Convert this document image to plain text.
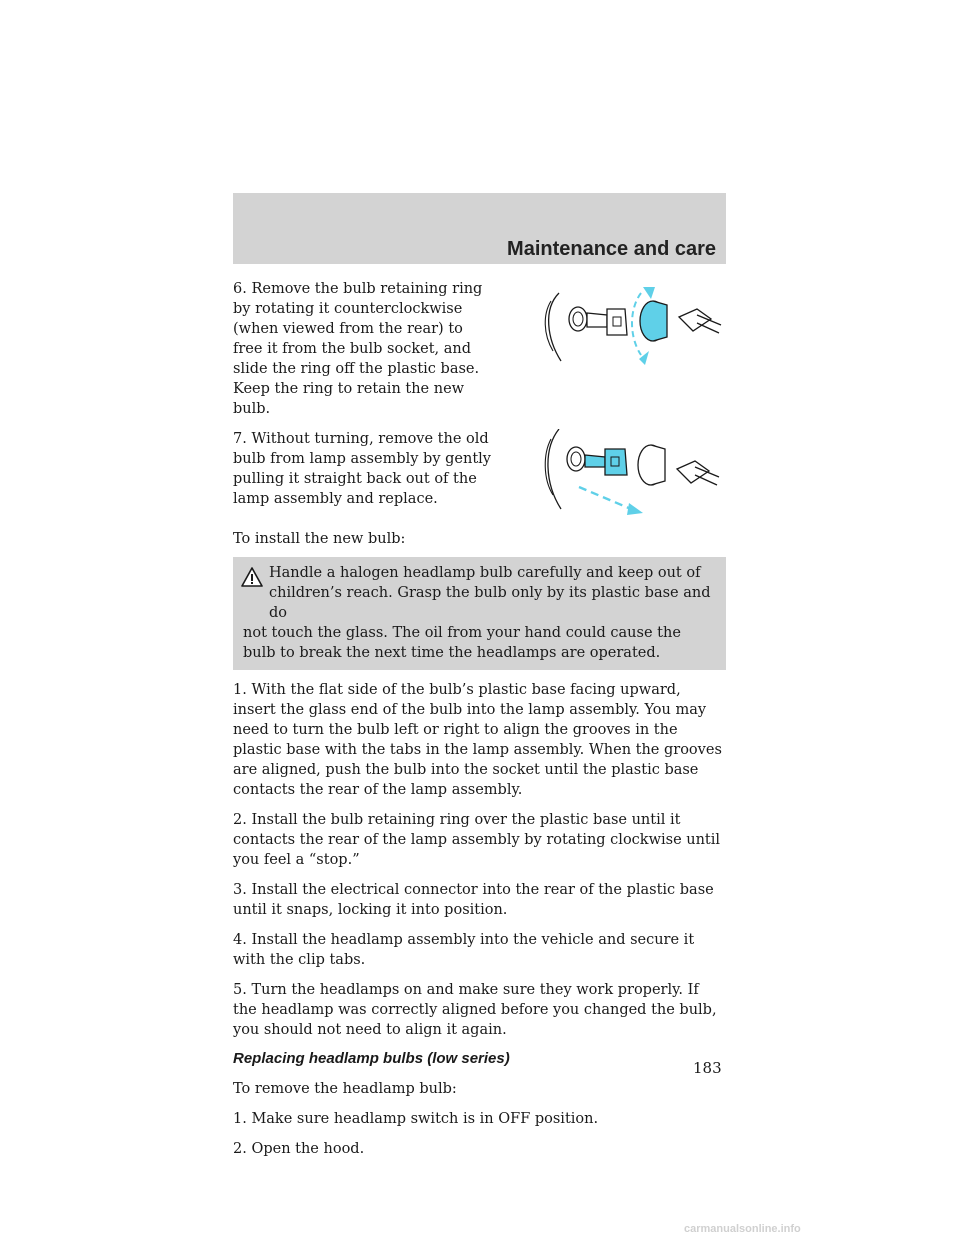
Maintenance and care

6. Remove the bulb retaining ring by rotating it counterclockwise (when viewed from the rear) to free it from the bulb socket, and slide the ring off the plastic base. Keep the ring to retain the new bulb.

7. Without turning, remove the old bulb from lamp assembly by gently pulling it straight back out of the lamp assembly and replace.

To install the new bulb:

Handle a halogen headlamp bulb carefully and keep out of
children’s reach. Grasp the bulb only by its plastic base and do
not touch the glass. The oil from your hand could cause the bulb to break the next time the headlamps are operated.

1. With the flat side of the bulb’s plastic base facing upward, insert the glass end of the bulb into the lamp assembly. You may need to turn the bulb left or right to align the grooves in the plastic base with the tabs in the lamp assembly. When the grooves are aligned, push the bulb into the socket until the plastic base contacts the rear of the lamp assembly.

2. Install the bulb retaining ring over the plastic base until it contacts the rear of the lamp assembly by rotating clockwise until you feel a “stop.”

3. Install the electrical connector into the rear of the plastic base until it snaps, locking it into position.

4. Install the headlamp assembly into the vehicle and secure it with the clip tabs.

5. Turn the headlamps on and make sure they work properly. If the headlamp was correctly aligned before you changed the bulb, you should not need to align it again.

Replacing headlamp bulbs (low series)

To remove the headlamp bulb:

1. Make sure headlamp switch is in OFF position.

2. Open the hood.

183
carmanualsonline.info
